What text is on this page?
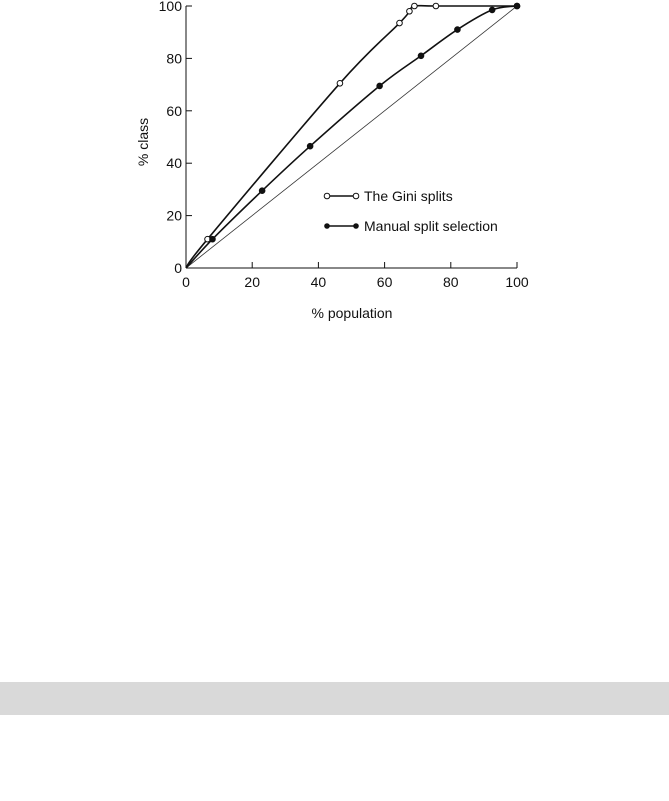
0	20	40	60	80	100
0
20
40
60
80
100
% population
% class
The Gini splits
Manual split selection
